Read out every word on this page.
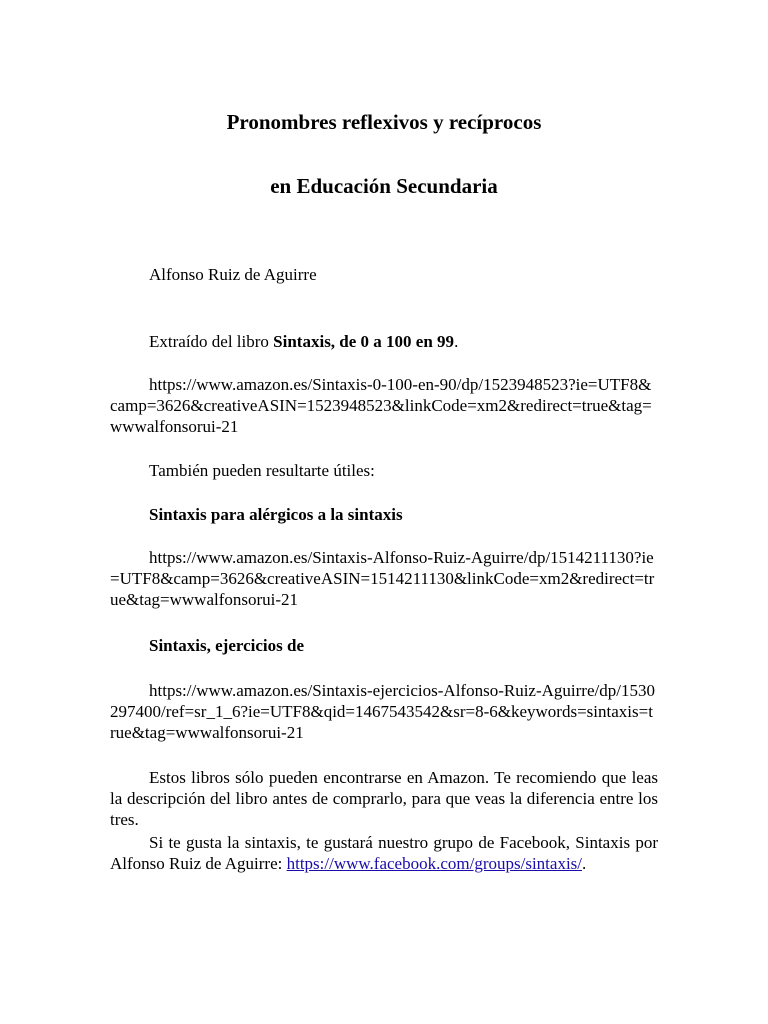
Pronombres reflexivos y recíprocos
en Educación Secundaria

Alfonso Ruiz de Aguirre

Extraído del libro Sintaxis, de 0 a 100 en 99.

https://www.amazon.es/Sintaxis-0-100-en-90/dp/1523948523?ie=UTF8&camp=3626&creativeASIN=1523948523&linkCode=xm2&redirect=true&tag=wwwalfonsorui-21

También pueden resultarte útiles:

Sintaxis para alérgicos a la sintaxis

https://www.amazon.es/Sintaxis-Alfonso-Ruiz-Aguirre/dp/1514211130?ie=UTF8&camp=3626&creativeASIN=1514211130&linkCode=xm2&redirect=true&tag=wwwalfonsorui-21

Sintaxis, ejercicios de

https://www.amazon.es/Sintaxis-ejercicios-Alfonso-Ruiz-Aguirre/dp/1530297400/ref=sr_1_6?ie=UTF8&qid=1467543542&sr=8-6&keywords=sintaxis=true&tag=wwwalfonsorui-21

Estos libros sólo pueden encontrarse en Amazon. Te recomiendo que leas la descripción del libro antes de comprarlo, para que veas la diferencia entre los tres.

Si te gusta la sintaxis, te gustará nuestro grupo de Facebook, Sintaxis por Alfonso Ruiz de Aguirre: https://www.facebook.com/groups/sintaxis/.
